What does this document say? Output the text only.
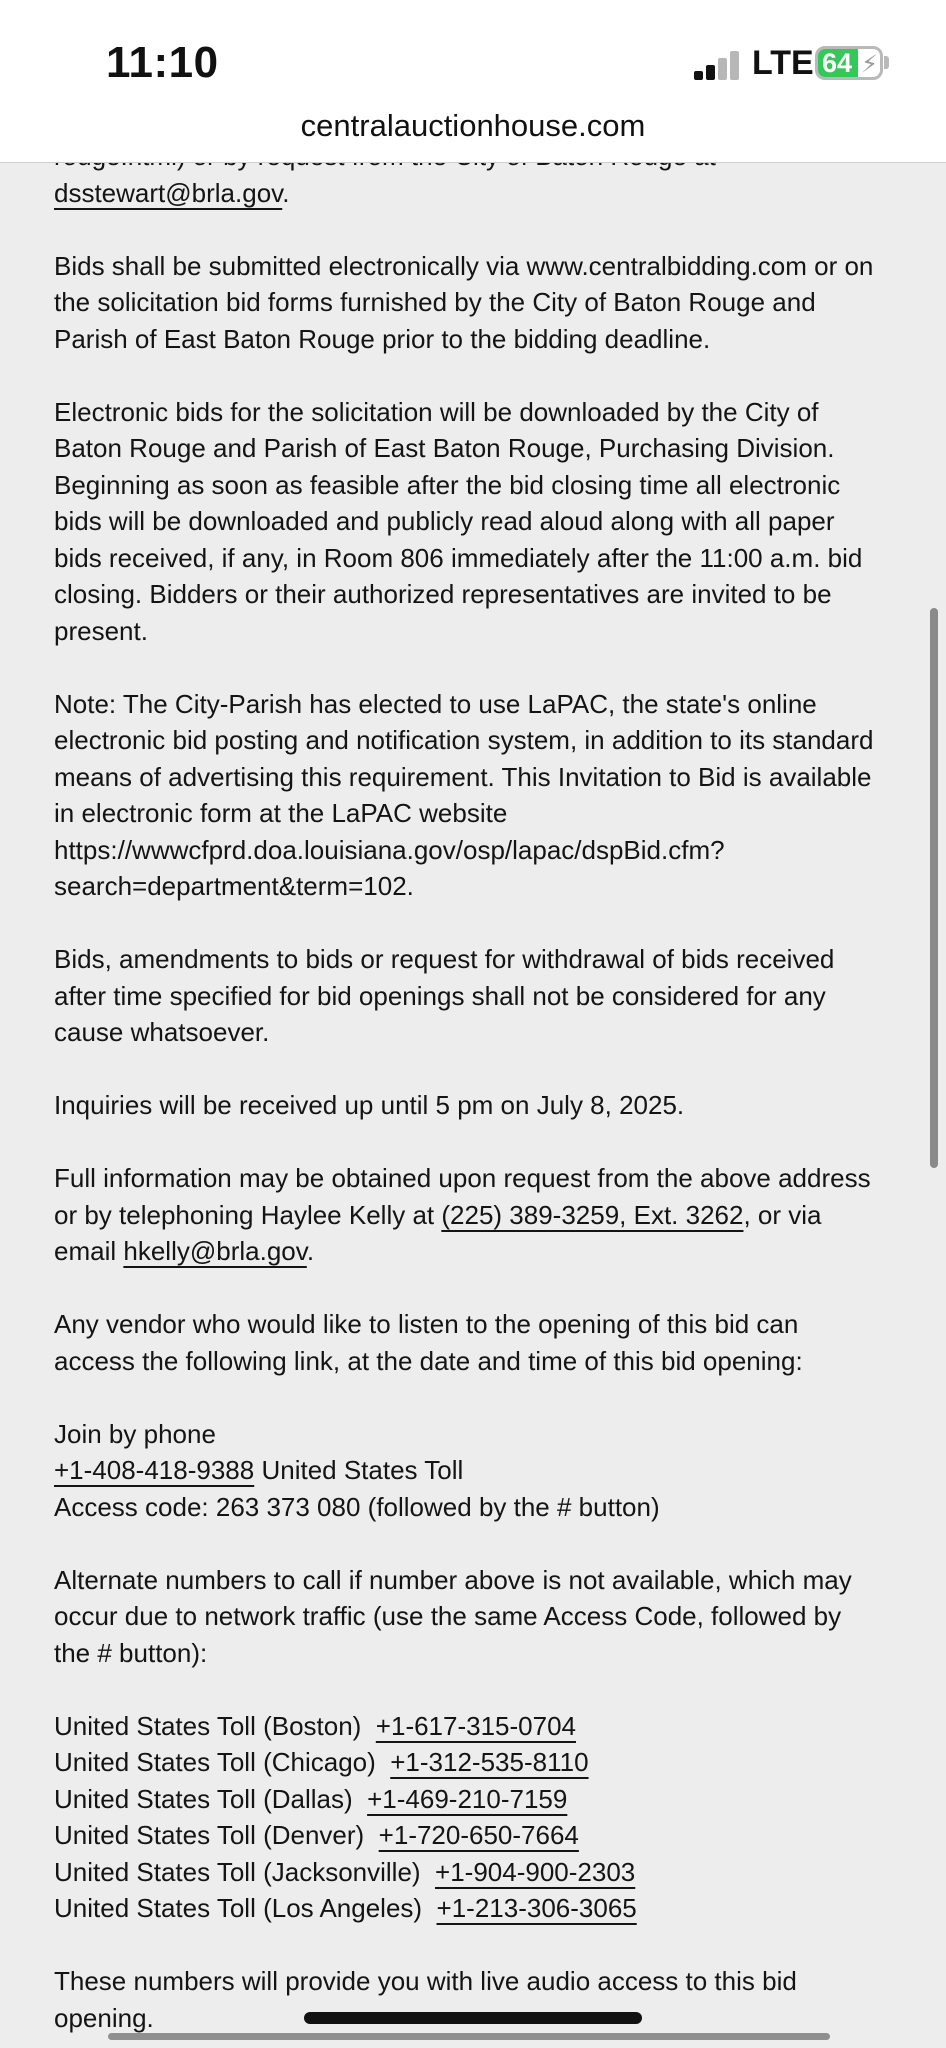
11:10	LTE 64 ⚡
centralauctionhouse.com

dsstewart@brla.gov.

Bids shall be submitted electronically via www.centralbidding.com or on the solicitation bid forms furnished by the City of Baton Rouge and Parish of East Baton Rouge prior to the bidding deadline.

Electronic bids for the solicitation will be downloaded by the City of Baton Rouge and Parish of East Baton Rouge, Purchasing Division. Beginning as soon as feasible after the bid closing time all electronic bids will be downloaded and publicly read aloud along with all paper bids received, if any, in Room 806 immediately after the 11:00 a.m. bid closing. Bidders or their authorized representatives are invited to be present.

Note: The City-Parish has elected to use LaPAC, the state's online electronic bid posting and notification system, in addition to its standard means of advertising this requirement. This Invitation to Bid is available in electronic form at the LaPAC website
https://wwwcfprd.doa.louisiana.gov/osp/lapac/dspBid.cfm?
search=department&term=102.

Bids, amendments to bids or request for withdrawal of bids received after time specified for bid openings shall not be considered for any cause whatsoever.

Inquiries will be received up until 5 pm on July 8, 2025.

Full information may be obtained upon request from the above address or by telephoning Haylee Kelly at (225) 389-3259, Ext. 3262, or via email hkelly@brla.gov.

Any vendor who would like to listen to the opening of this bid can access the following link, at the date and time of this bid opening:

Join by phone
+1-408-418-9388 United States Toll
Access code: 263 373 080 (followed by the # button)

Alternate numbers to call if number above is not available, which may occur due to network traffic (use the same Access Code, followed by the # button):

United States Toll (Boston) +1-617-315-0704
United States Toll (Chicago) +1-312-535-8110
United States Toll (Dallas) +1-469-210-7159
United States Toll (Denver) +1-720-650-7664
United States Toll (Jacksonville) +1-904-900-2303
United States Toll (Los Angeles) +1-213-306-3065

These numbers will provide you with live audio access to this bid opening.
